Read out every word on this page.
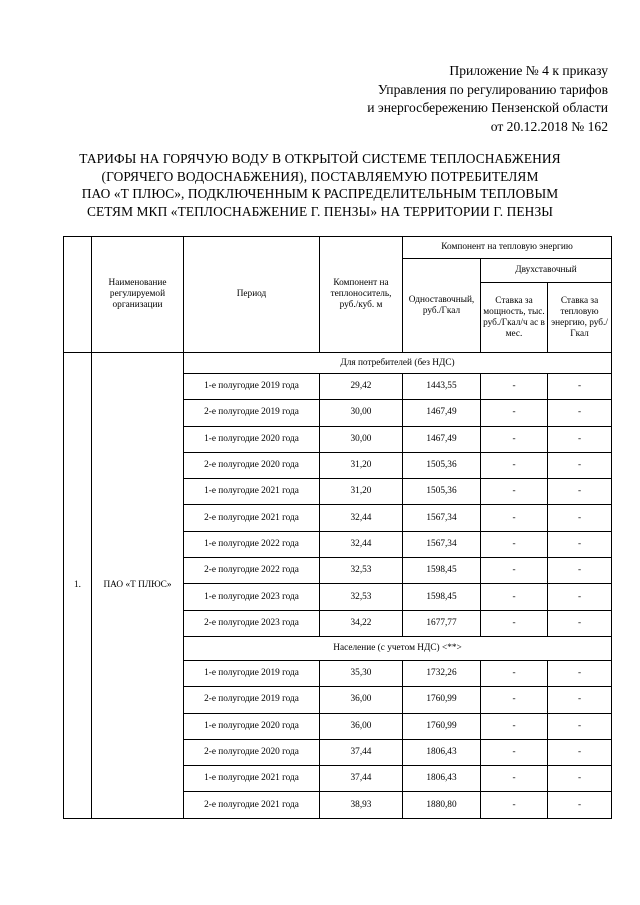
Приложение № 4 к приказу
Управления по регулированию тарифов
и энергосбережению Пензенской области
от 20.12.2018 № 162
ТАРИФЫ НА ГОРЯЧУЮ ВОДУ В ОТКРЫТОЙ СИСТЕМЕ ТЕПЛОСНАБЖЕНИЯ
(ГОРЯЧЕГО ВОДОСНАБЖЕНИЯ), ПОСТАВЛЯЕМУЮ ПОТРЕБИТЕЛЯМ
ПАО «Т ПЛЮС», ПОДКЛЮЧЕННЫМ К РАСПРЕДЕЛИТЕЛЬНЫМ ТЕПЛОВЫМ
СЕТЯМ МКП «ТЕПЛОСНАБЖЕНИЕ Г. ПЕНЗЫ» НА ТЕРРИТОРИИ Г. ПЕНЗЫ
	Наименование регулируемой организации	Период	Компонент на теплоноситель, руб./куб. м	Компонент на тепловую энергию		
				Одноставочный, руб./Гкал	Двухставочный	
					Ставка за мощность, тыс. руб./Гкал/ч ас в мес.	Ставка за тепловую энергию, руб./Гкал
1.	ПАО «Т ПЛЮС»	Для потребителей (без НДС)				
		1-е полугодие 2019 года	29,42	1443,55	-	-
		2-е полугодие 2019 года	30,00	1467,49	-	-
		1-е полугодие 2020 года	30,00	1467,49	-	-
		2-е полугодие 2020 года	31,20	1505,36	-	-
		1-е полугодие 2021 года	31,20	1505,36	-	-
		2-е полугодие 2021 года	32,44	1567,34	-	-
		1-е полугодие 2022 года	32,44	1567,34	-	-
		2-е полугодие 2022 года	32,53	1598,45	-	-
		1-е полугодие 2023 года	32,53	1598,45	-	-
		2-е полугодие 2023 года	34,22	1677,77	-	-
		Население (с учетом НДС) <**>				
		1-е полугодие 2019 года	35,30	1732,26	-	-
		2-е полугодие 2019 года	36,00	1760,99	-	-
		1-е полугодие 2020 года	36,00	1760,99	-	-
		2-е полугодие 2020 года	37,44	1806,43	-	-
		1-е полугодие 2021 года	37,44	1806,43	-	-
		2-е полугодие 2021 года	38,93	1880,80	-	-
